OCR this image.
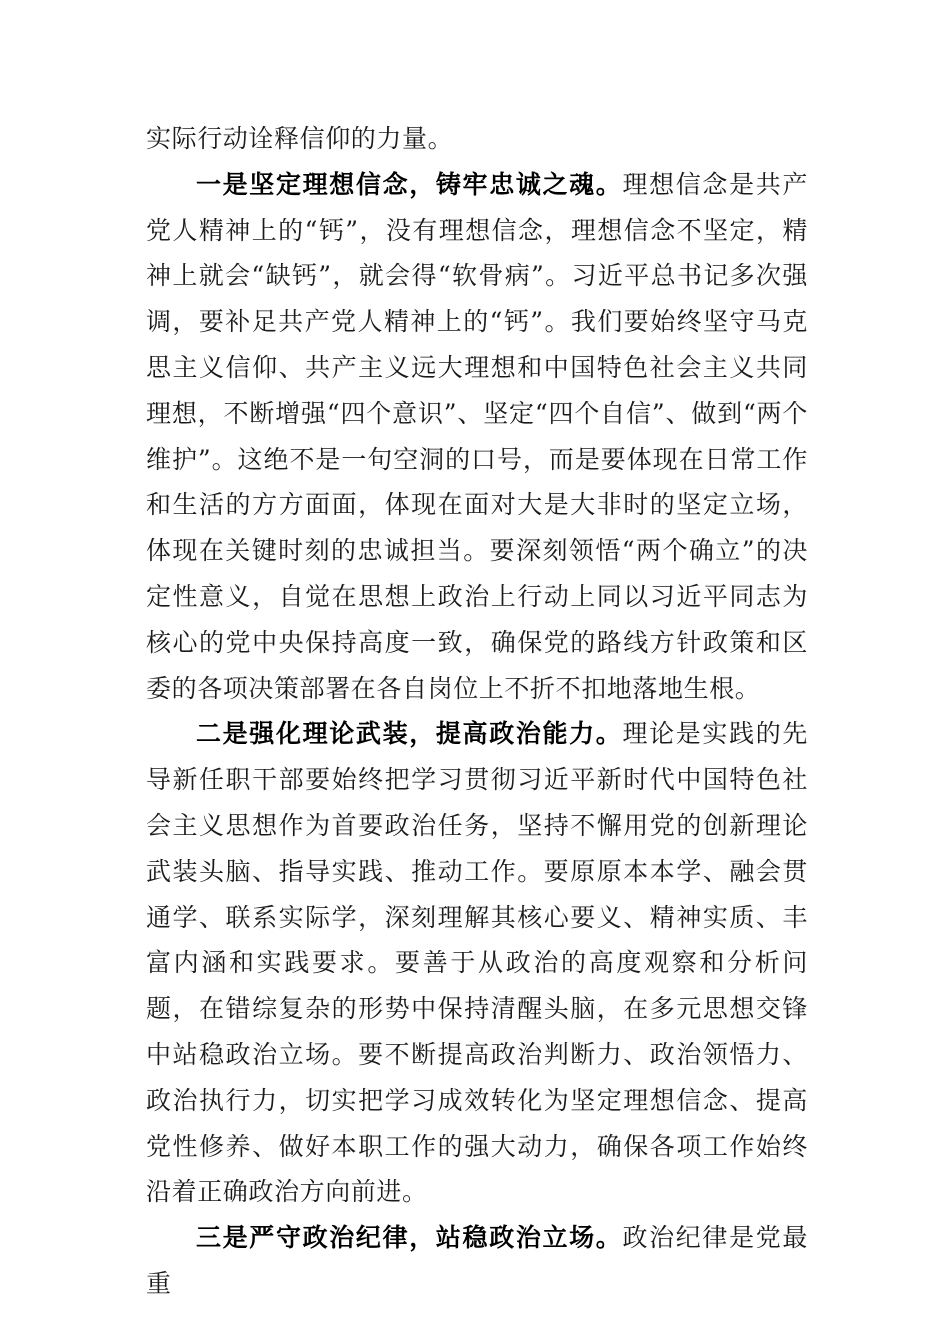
实际行动诠释信仰的力量。

一是坚定理想信念，铸牢忠诚之魂。理想信念是共产党人精神上的“钙”，没有理想信念，理想信念不坚定，精神上就会“缺钙”，就会得“软骨病”。习近平总书记多次强调，要补足共产党人精神上的“钙”。我们要始终坚守马克思主义信仰、共产主义远大理想和中国特色社会主义共同理想，不断增强“四个意识”、坚定“四个自信”、做到“两个维护”。这绝不是一句空洞的口号，而是要体现在日常工作和生活的方方面面，体现在面对大是大非时的坚定立场，体现在关键时刻的忠诚担当。要深刻领悟“两个确立”的决定性意义，自觉在思想上政治上行动上同以习近平同志为核心的党中央保持高度一致，确保党的路线方针政策和区委的各项决策部署在各自岗位上不折不扣地落地生根。

二是强化理论武装，提高政治能力。理论是实践的先导新任职干部要始终把学习贯彻习近平新时代中国特色社会主义思想作为首要政治任务，坚持不懈用党的创新理论武装头脑、指导实践、推动工作。要原原本本学、融会贯通学、联系实际学，深刻理解其核心要义、精神实质、丰富内涵和实践要求。要善于从政治的高度观察和分析问题，在错综复杂的形势中保持清醒头脑，在多元思想交锋中站稳政治立场。要不断提高政治判断力、政治领悟力、政治执行力，切实把学习成效转化为坚定理想信念、提高党性修养、做好本职工作的强大动力，确保各项工作始终沿着正确政治方向前进。

三是严守政治纪律，站稳政治立场。政治纪律是党最重
